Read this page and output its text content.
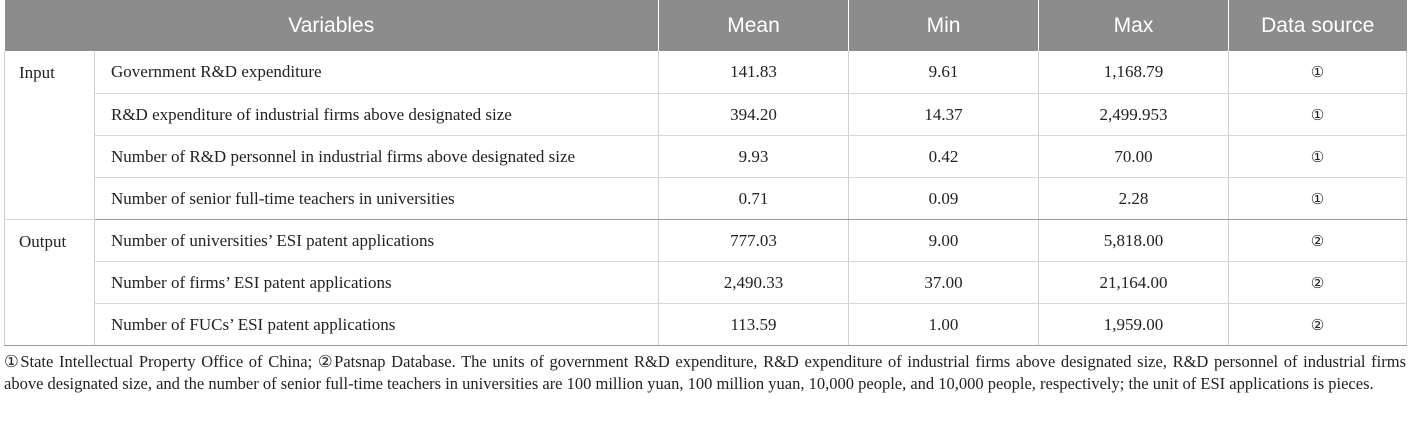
Variables		Mean	Min	Max	Data source
Input	Government R&D expenditure	141.83	9.61	1,168.79	①
	R&D expenditure of industrial firms above designated size	394.20	14.37	2,499.953	①
	Number of R&D personnel in industrial firms above designated size	9.93	0.42	70.00	①
	Number of senior full-time teachers in universities	0.71	0.09	2.28	①
Output	Number of universities’ ESI patent applications	777.03	9.00	5,818.00	②
	Number of firms’ ESI patent applications	2,490.33	37.00	21,164.00	②
	Number of FUCs’ ESI patent applications	113.59	1.00	1,959.00	②
①State Intellectual Property Office of China; ②Patsnap Database. The units of government R&D expenditure, R&D expenditure of industrial firms above designated size, R&D personnel of industrial firms above designated size, and the number of senior full-time teachers in universities are 100 million yuan, 100 million yuan, 10,000 people, and 10,000 people, respectively; the unit of ESI applications is pieces.
